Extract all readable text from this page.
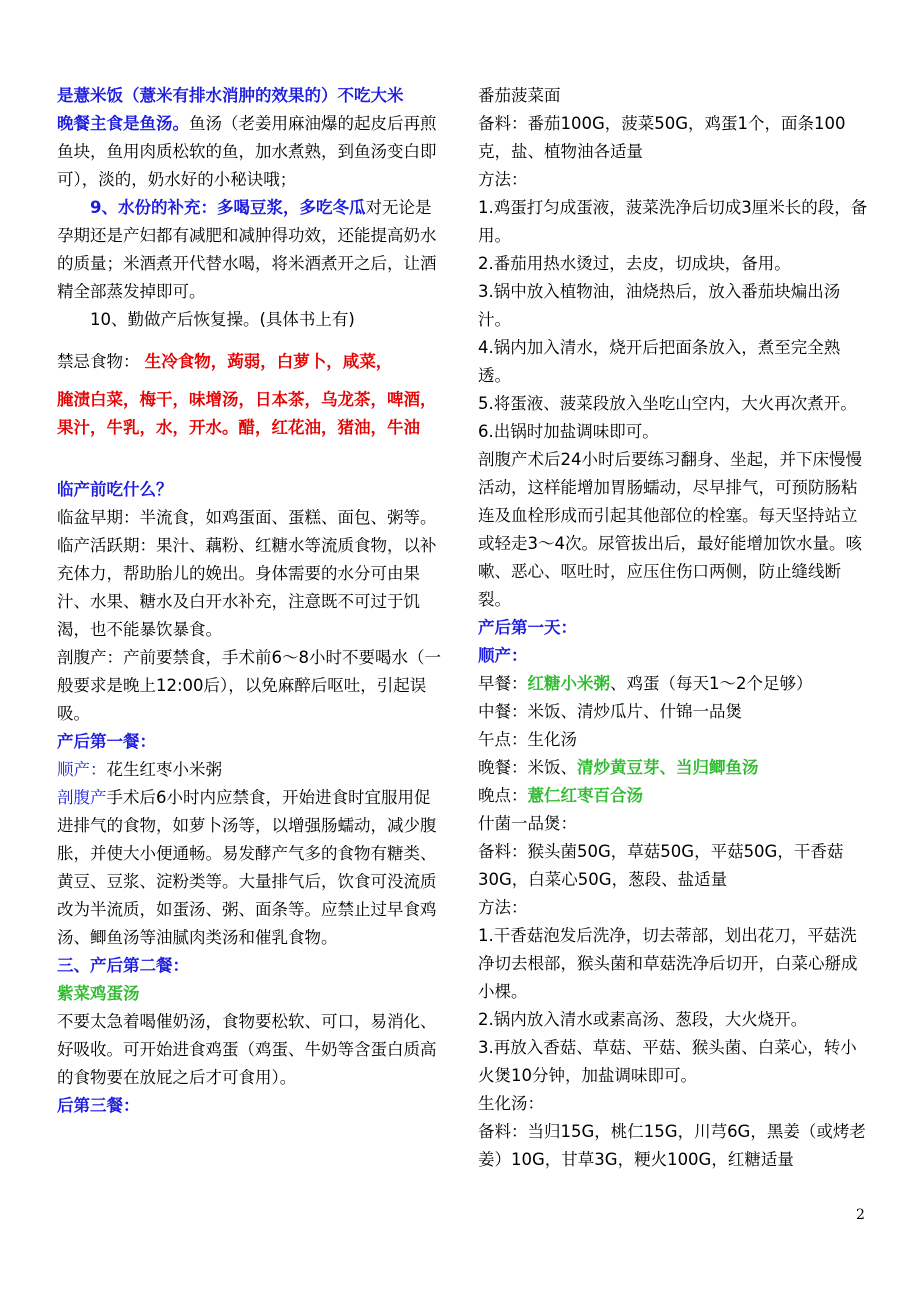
是薏米饭（薏米有排水消肿的效果的）不吃大米
晚餐主食是鱼汤。鱼汤（老姜用麻油爆的起皮后再煎鱼块，鱼用肉质松软的鱼，加水煮熟，到鱼汤变白即可），淡的，奶水好的小秘诀哦；

9、水份的补充：多喝豆浆，多吃冬瓜对无论是孕期还是产妇都有减肥和减肿得功效，还能提高奶水的质量；米酒煮开代替水喝，将米酒煮开之后，让酒精全部蒸发掉即可。

10、勤做产后恢复操。(具体书上有)

禁忌食物： 生冷食物，蒟弱，白萝卜，咸菜，

腌渍白菜，梅干，味增汤，日本茶，乌龙茶，啤酒，果汁，牛乳，水，开水。醋，红花油，猪油，牛油

临产前吃什么？

临盆早期：半流食，如鸡蛋面、蛋糕、面包、粥等。

临产活跃期：果汁、藕粉、红糖水等流质食物，以补充体力，帮助胎儿的娩出。身体需要的水分可由果汁、水果、糖水及白开水补充，注意既不可过于饥渴，也不能暴饮暴食。

剖腹产：产前要禁食，手术前6～8小时不要喝水（一般要求是晚上12:00后），以免麻醉后呕吐，引起误吸。

产后第一餐：

顺产：花生红枣小米粥

剖腹产手术后6小时内应禁食，开始进食时宜服用促进排气的食物，如萝卜汤等，以增强肠蠕动，减少腹胀，并使大小便通畅。易发酵产气多的食物有糖类、黄豆、豆浆、淀粉类等。大量排气后，饮食可没流质改为半流质，如蛋汤、粥、面条等。应禁止过早食鸡汤、鲫鱼汤等油腻肉类汤和催乳食物。

三、产后第二餐：

紫菜鸡蛋汤

不要太急着喝催奶汤，食物要松软、可口，易消化、好吸收。可开始进食鸡蛋（鸡蛋、牛奶等含蛋白质高的食物要在放屁之后才可食用）。

后第三餐：

番茄菠菜面

备料：番茄100G，菠菜50G，鸡蛋1个，面条100克，盐、植物油各适量

方法：

1.鸡蛋打匀成蛋液，菠菜洗净后切成3厘米长的段，备用。

2.番茄用热水烫过，去皮，切成块，备用。

3.锅中放入植物油，油烧热后，放入番茄块煸出汤汁。

4.锅内加入清水，烧开后把面条放入，煮至完全熟透。

5.将蛋液、菠菜段放入坐吃山空内，大火再次煮开。

6.出锅时加盐调味即可。

剖腹产术后24小时后要练习翻身、坐起，并下床慢慢活动，这样能增加胃肠蠕动，尽早排气，可预防肠粘连及血栓形成而引起其他部位的栓塞。每天坚持站立或轻走3～4次。尿管拔出后，最好能增加饮水量。咳嗽、恶心、呕吐时，应压住伤口两侧，防止缝线断裂。

产后第一天：

顺产：

早餐：红糖小米粥、鸡蛋（每天1～2个足够）

中餐：米饭、清炒瓜片、什锦一品煲

午点：生化汤

晚餐：米饭、清炒黄豆芽、当归鲫鱼汤

晚点：薏仁红枣百合汤

什菌一品煲：

备料：猴头菌50G，草菇50G，平菇50G，干香菇30G，白菜心50G，葱段、盐适量

方法：

1.干香菇泡发后洗净，切去蒂部，划出花刀，平菇洗净切去根部，猴头菌和草菇洗净后切开，白菜心掰成小棵。

2.锅内放入清水或素高汤、葱段，大火烧开。

3.再放入香菇、草菇、平菇、猴头菌、白菜心，转小火煲10分钟，加盐调味即可。

生化汤：

备料：当归15G，桃仁15G，川芎6G，黑姜（或烤老姜）10G，甘草3G，粳火100G，红糖适量

2
